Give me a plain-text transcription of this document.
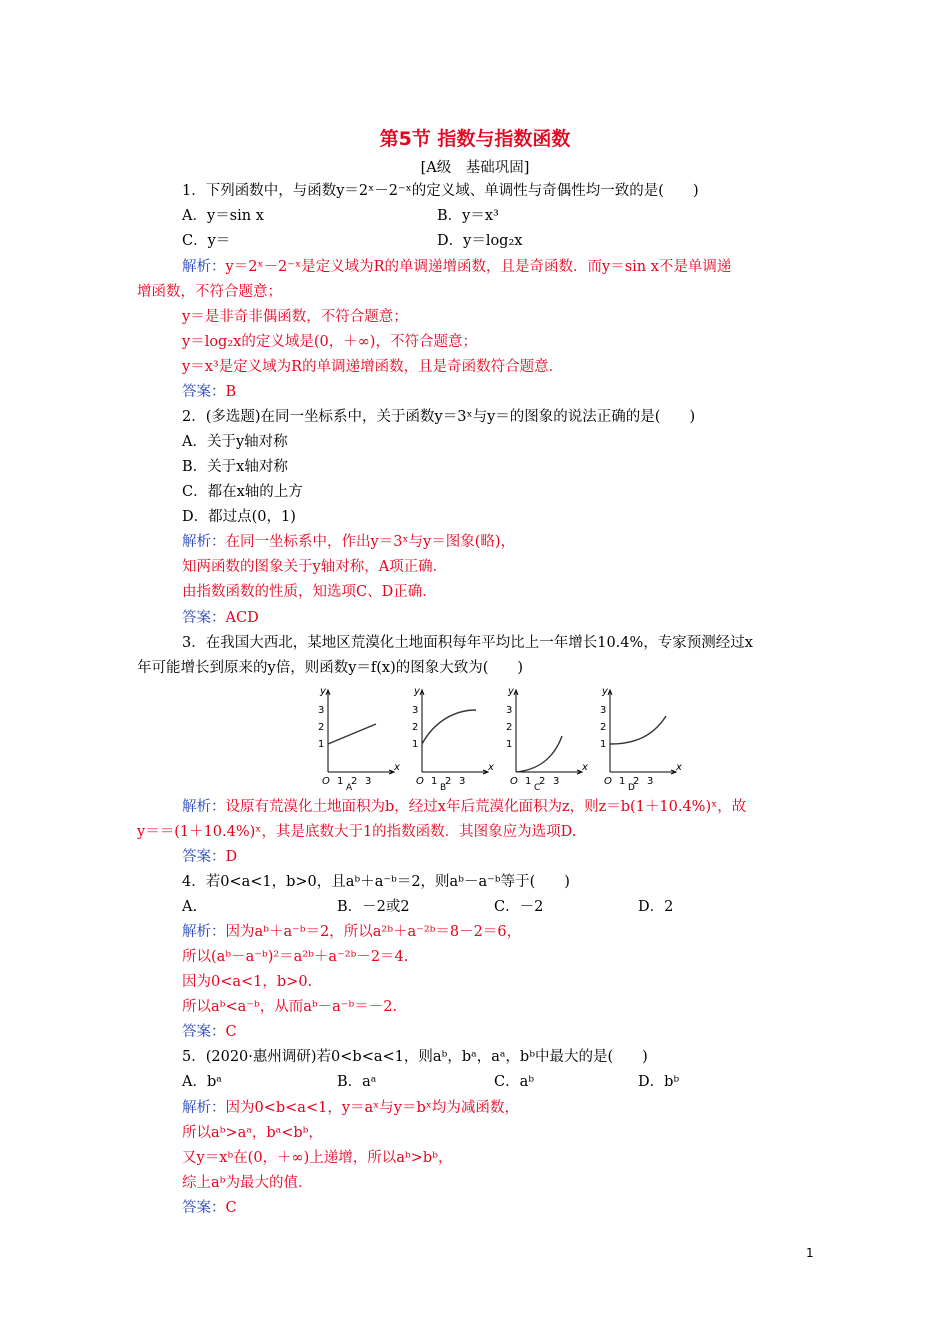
第5节 指数与指数函数
[A级　基础巩固]
1．下列函数中，与函数y＝2ˣ－2⁻ˣ的定义域、单调性与奇偶性均一致的是(　　)
A．y＝sin x	B．y＝x³
C．y＝	D．y＝log₂x
解析：y＝2ˣ－2⁻ˣ是定义域为R的单调递增函数，且是奇函数．而y＝sin x不是单调递
增函数，不符合题意；
y＝是非奇非偶函数，不符合题意；
y＝log₂x的定义域是(0，＋∞)，不符合题意；
y＝x³是定义域为R的单调递增函数，且是奇函数符合题意．
答案：B
2．(多选题)在同一坐标系中，关于函数y＝3ˣ与y＝的图象的说法正确的是(　　)
A．关于y轴对称
B．关于x轴对称
C．都在x轴的上方
D．都过点(0，1)
解析：在同一坐标系中，作出y＝3ˣ与y＝图象(略)，
知两函数的图象关于y轴对称，A项正确．
由指数函数的性质，知选项C、D正确．
答案：ACD
3．在我国大西北，某地区荒漠化土地面积每年平均比上一年增长10.4%，专家预测经过x
年可能增长到原来的y倍，则函数y＝f(x)的图象大致为(　　)
y
x
O 1 2 3
1
2
3
y
x
O 1 2 3
1
2
3
y
x
O 1 2 3
1
2
3
y
x
O 1 2 3
1
2
3
A	B	C	D
解析：设原有荒漠化土地面积为b，经过x年后荒漠化面积为z，则z＝b(1＋10.4%)ˣ，故
y＝＝(1＋10.4%)ˣ，其是底数大于1的指数函数．其图象应为选项D.
答案：D
4．若0<a<1，b>0，且aᵇ＋a⁻ᵇ＝2，则aᵇ－a⁻ᵇ等于(　　)
A.	B．－2或2	C．－2	D．2
解析：因为aᵇ＋a⁻ᵇ＝2，所以a²ᵇ＋a⁻²ᵇ＝8－2＝6，
所以(aᵇ－a⁻ᵇ)²＝a²ᵇ＋a⁻²ᵇ－2＝4.
因为0<a<1，b>0.
所以aᵇ<a⁻ᵇ，从而aᵇ－a⁻ᵇ＝－2.
答案：C
5．(2020·惠州调研)若0<b<a<1，则aᵇ，bᵃ，aᵃ，bᵇ中最大的是(　　)
A．bᵃ	B．aᵃ	C．aᵇ	D．bᵇ
解析：因为0<b<a<1，y＝aˣ与y＝bˣ均为减函数，
所以aᵇ>aᵃ，bᵃ<bᵇ，
又y＝xᵇ在(0，＋∞)上递增，所以aᵇ>bᵇ，
综上aᵇ为最大的值．
答案：C
1
